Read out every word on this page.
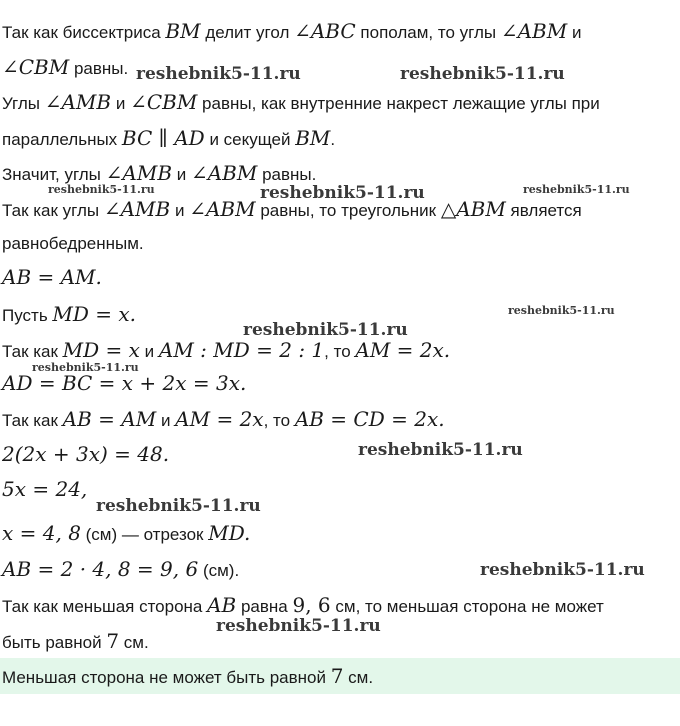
Так как биссектриса BM делит угол ∠ABC пополам, то углы ∠ABM и
∠CBM равны.
Углы ∠AMB и ∠CBM равны, как внутренние накрест лежащие углы при
параллельных BC ∥ AD и секущей BM.
Значит, углы ∠AMB и ∠ABM равны.
Так как углы ∠AMB и ∠ABM равны, то треугольник △ABM является
равнобедренным.
AB = AM.
Пусть MD = x.
Так как MD = x и AM : MD = 2 : 1, то AM = 2x.
AD = BC = x + 2x = 3x.
Так как AB = AM и AM = 2x, то AB = CD = 2x.
2(2x + 3x) = 48.
5x = 24,
x = 4, 8 (см) — отрезок MD.
AB = 2 · 4, 8 = 9, 6 (см).
Так как меньшая сторона AB равна 9, 6 см, то меньшая сторона не может
быть равной 7 см.
Меньшая сторона не может быть равной 7 см.
reshebnik5-11.ru	reshebnik5-11.ru
reshebnik5-11.ru	reshebnik5-11.ru	reshebnik5-11.ru
reshebnik5-11.ru
reshebnik5-11.ru
reshebnik5-11.ru
reshebnik5-11.ru
reshebnik5-11.ru
reshebnik5-11.ru
reshebnik5-11.ru
